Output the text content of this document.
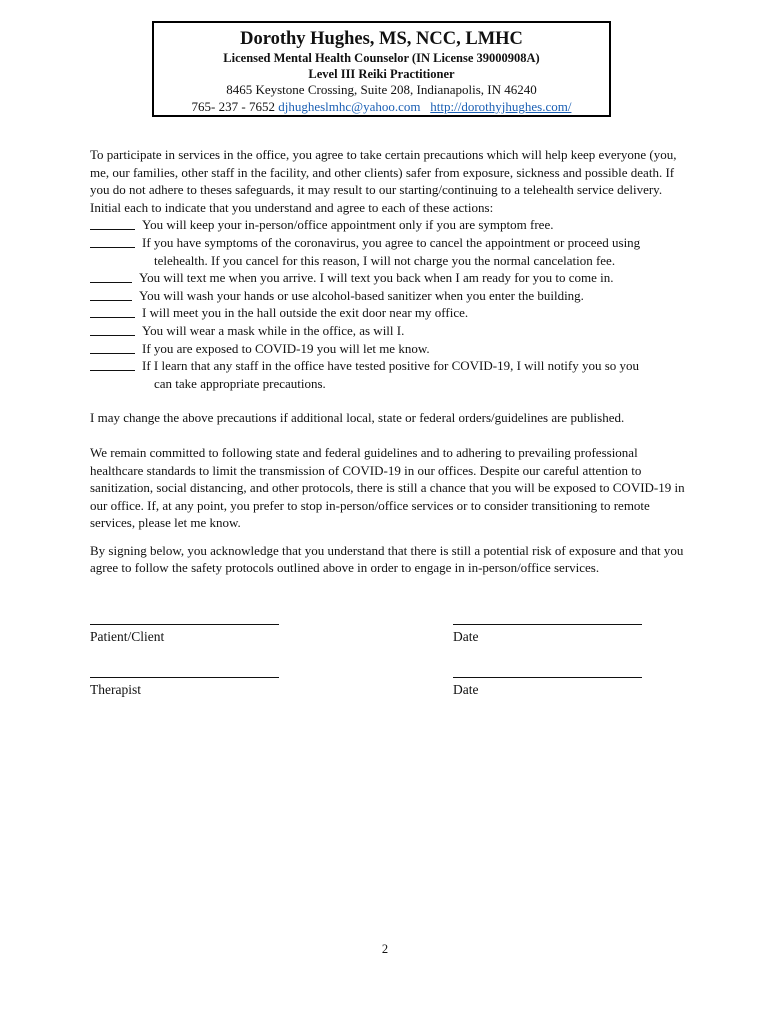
Dorothy Hughes, MS, NCC, LMHC
Licensed Mental Health Counselor (IN License 39000908A)
Level III Reiki Practitioner
8465 Keystone Crossing, Suite 208, Indianapolis, IN 46240
765- 237 - 7652 djhugheslmhc@yahoo.com http://dorothyjhughes.com/

To participate in services in the office, you agree to take certain precautions which will help keep everyone (you, me, our families, other staff in the facility, and other clients) safer from exposure, sickness and possible death. If you do not adhere to theses safeguards, it may result to our starting/continuing to a telehealth service delivery. Initial each to indicate that you understand and agree to each of these actions:

You will keep your in-person/office appointment only if you are symptom free.
If you have symptoms of the coronavirus, you agree to cancel the appointment or proceed using
telehealth. If you cancel for this reason, I will not charge you the normal cancelation fee.
You will text me when you arrive. I will text you back when I am ready for you to come in.
You will wash your hands or use alcohol-based sanitizer when you enter the building.
I will meet you in the hall outside the exit door near my office.
You will wear a mask while in the office, as will I.
If you are exposed to COVID-19 you will let me know.
If I learn that any staff in the office have tested positive for COVID-19, I will notify you so you
can take appropriate precautions.

I may change the above precautions if additional local, state or federal orders/guidelines are published.

We remain committed to following state and federal guidelines and to adhering to prevailing professional healthcare standards to limit the transmission of COVID-19 in our offices. Despite our careful attention to sanitization, social distancing, and other protocols, there is still a chance that you will be exposed to COVID-19 in our office. If, at any point, you prefer to stop in-person/office services or to consider transitioning to remote services, please let me know.

By signing below, you acknowledge that you understand that there is still a potential risk of exposure and that you agree to follow the safety protocols outlined above in order to engage in in-person/office services.

Patient/Client	Date
Therapist	Date
2
